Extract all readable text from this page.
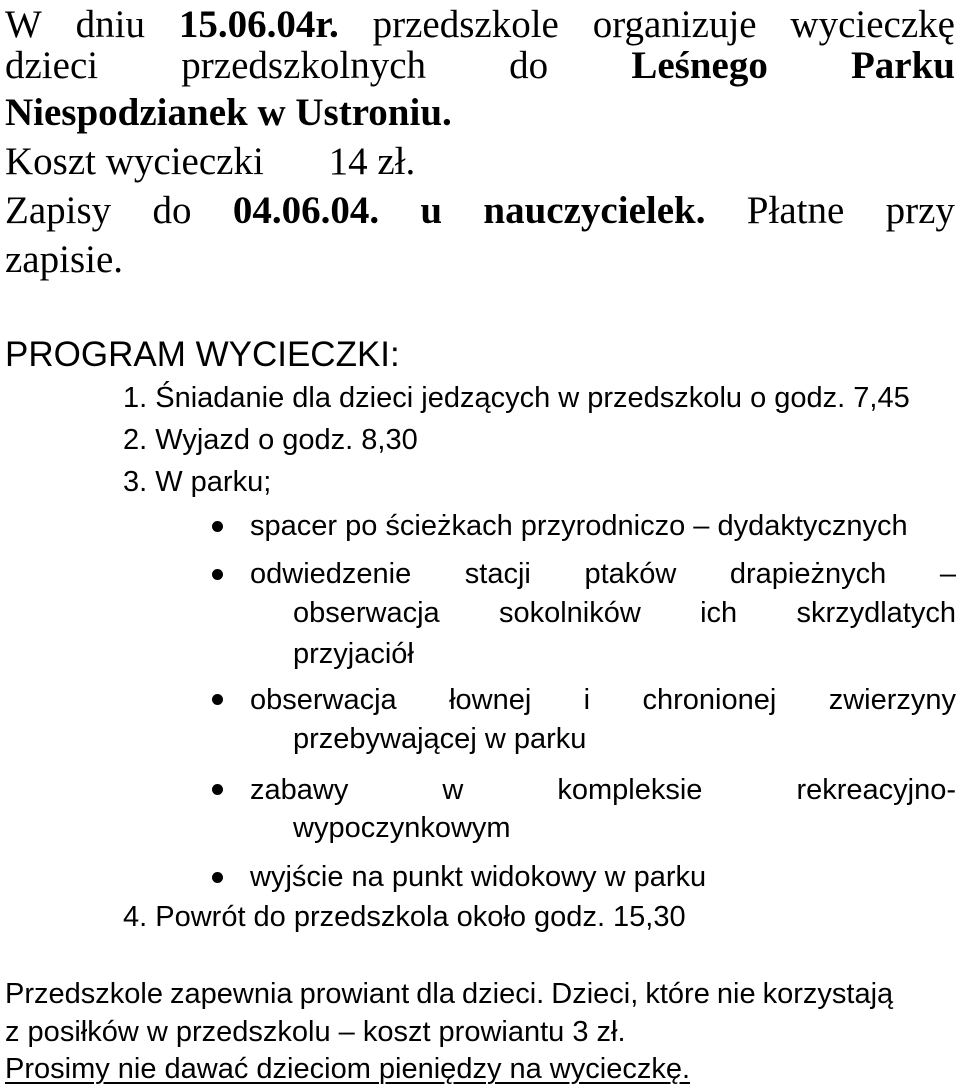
W dniu 15.06.04r. przedszkole organizuje wycieczkę
dzieci przedszkolnych do Leśnego Parku
Niespodzianek w Ustroniu.
Koszt wycieczki 14 zł.
Zapisy do 04.06.04. u nauczycielek. Płatne przy
zapisie.
PROGRAM WYCIECZKI:
1. Śniadanie dla dzieci jedzących w przedszkolu o godz. 7,45
2. Wyjazd o godz. 8,30
3. W parku;
spacer po ścieżkach przyrodniczo – dydaktycznych
odwiedzenie stacji ptaków drapieżnych –
obserwacja sokolników ich skrzydlatych
przyjaciół
obserwacja łownej i chronionej zwierzyny
przebywającej w parku
zabawy	w	kompleksie	rekreacyjno-
wypoczynkowym
wyjście na punkt widokowy w parku
4. Powrót do przedszkola około godz. 15,30
Przedszkole zapewnia prowiant dla dzieci. Dzieci, które nie korzystają
z posiłków w przedszkolu – koszt prowiantu 3 zł.
Prosimy nie dawać dzieciom pieniędzy na wycieczkę.
